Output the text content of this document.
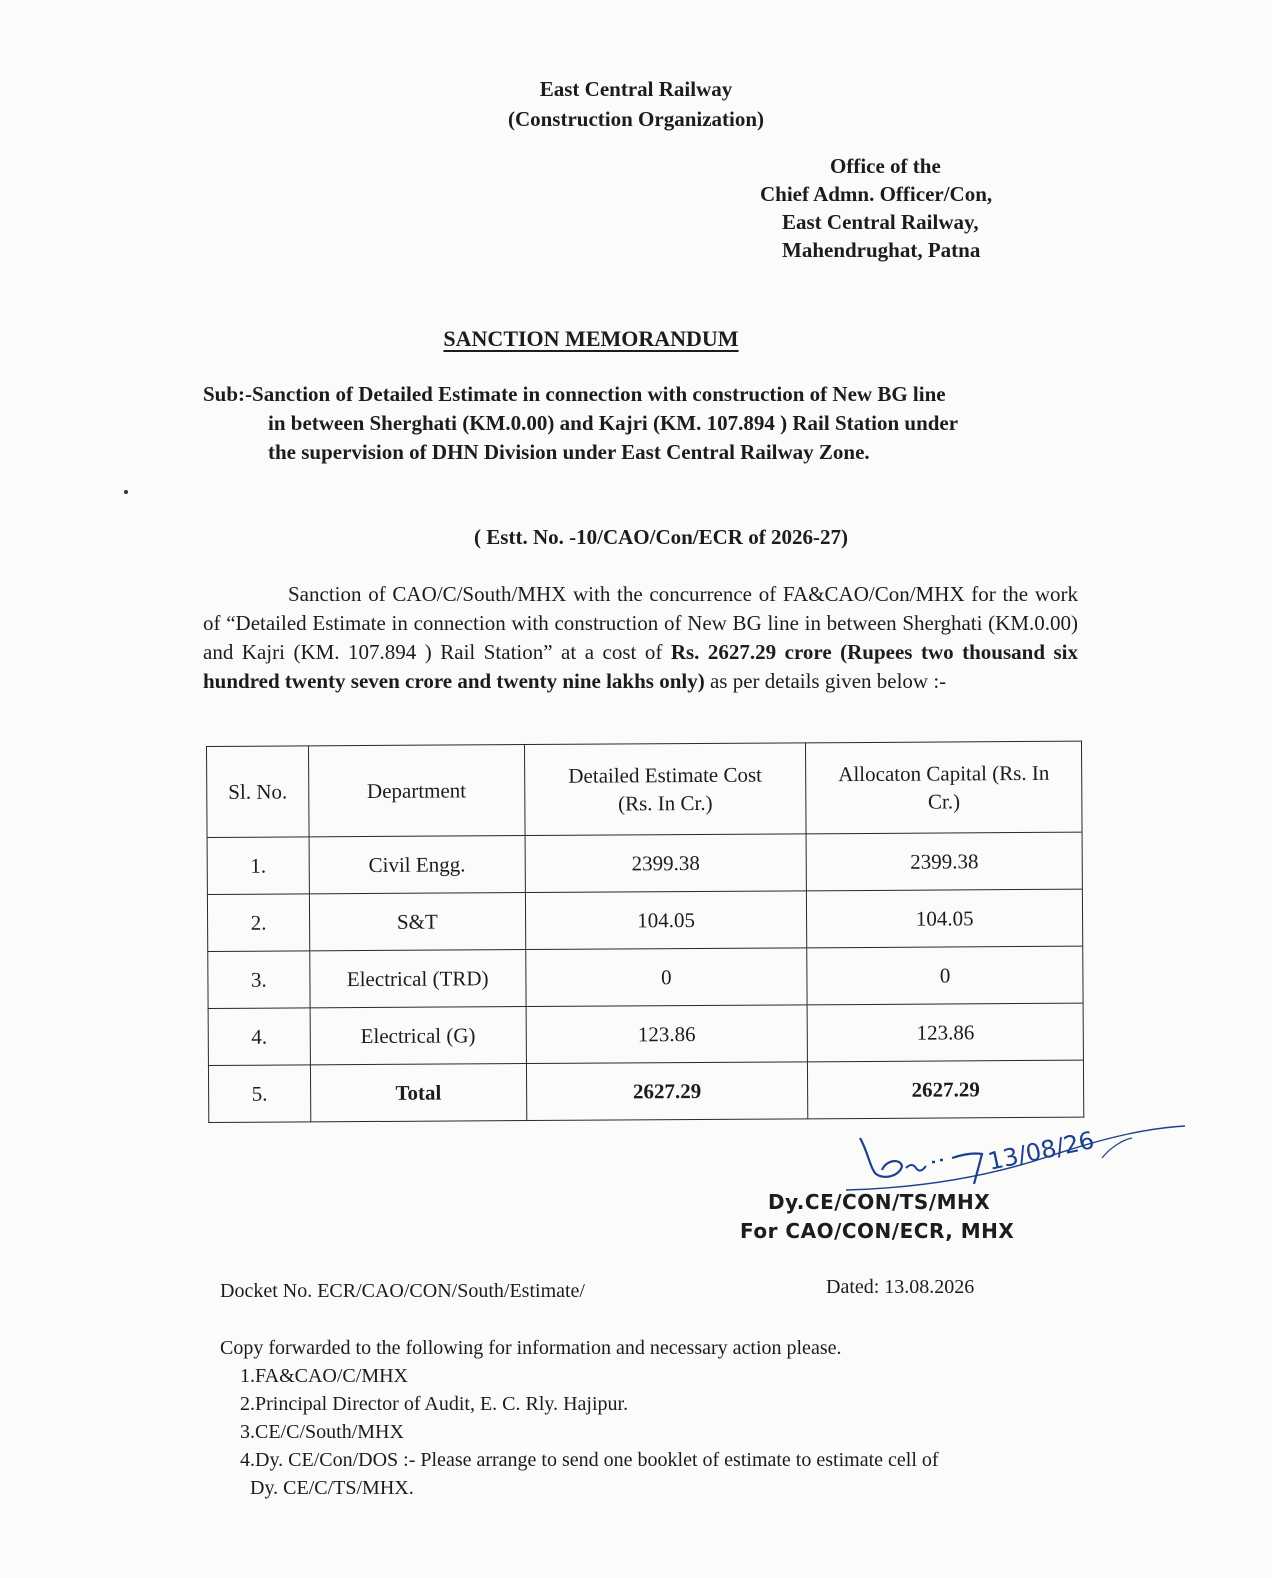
East Central Railway
(Construction Organization)
Office of the
Chief Admn. Officer/Con,
East Central Railway,
Mahendrughat, Patna
SANCTION MEMORANDUM
Sub:-Sanction of Detailed Estimate in connection with construction of New BG line
in between Sherghati (KM.0.00) and Kajri (KM. 107.894 ) Rail Station under
the supervision of DHN Division under East Central Railway Zone.
( Estt. No. -10/CAO/Con/ECR of 2026-27)
Sanction of CAO/C/South/MHX with the concurrence of FA&CAO/Con/MHX for the work of “Detailed Estimate in connection with construction of New BG line in between Sherghati (KM.0.00) and Kajri (KM. 107.894 ) Rail Station” at a cost of Rs. 2627.29 crore (Rupees two thousand six hundred twenty seven crore and twenty nine lakhs only) as per details given below :-
Sl. No.	Department	Detailed Estimate Cost (Rs. In Cr.)	Allocaton Capital (Rs. In Cr.)
1.	Civil Engg.	2399.38	2399.38
2.	S&T	104.05	104.05
3.	Electrical (TRD)	0	0
4.	Electrical (G)	123.86	123.86
5.	Total	2627.29	2627.29
13/08/26
Dy.CE/CON/TS/MHX
For CAO/CON/ECR, MHX
Docket No. ECR/CAO/CON/South/Estimate/	Dated: 13.08.2026
Copy forwarded to the following for information and necessary action please.
1.FA&CAO/C/MHX
2.Principal Director of Audit, E. C. Rly. Hajipur.
3.CE/C/South/MHX
4.Dy. CE/Con/DOS :- Please arrange to send one booklet of estimate to estimate cell of
Dy. CE/C/TS/MHX.
